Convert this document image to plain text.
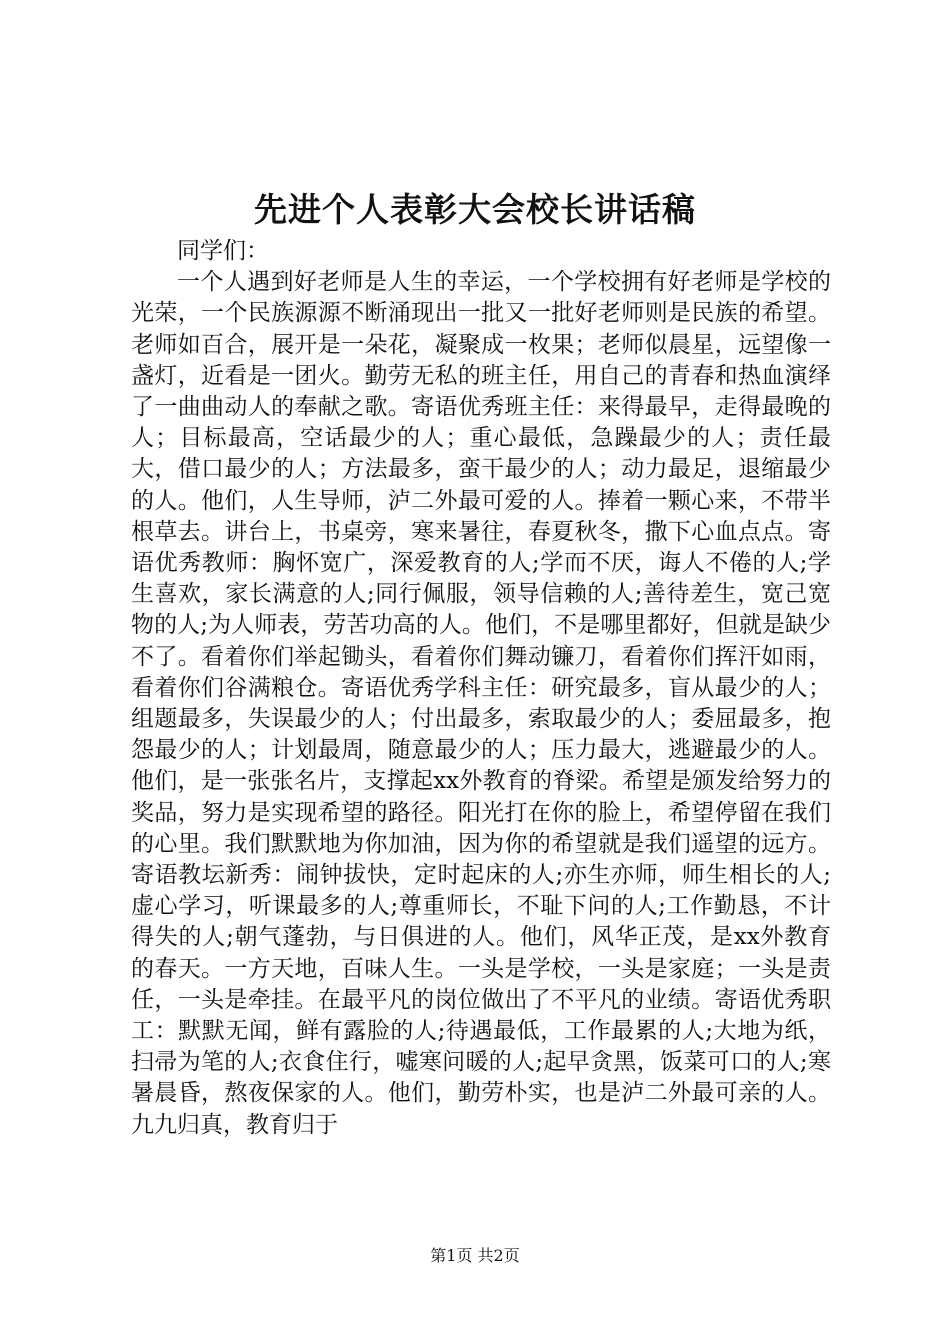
先进个人表彰大会校长讲话稿

同学们：

一个人遇到好老师是人生的幸运，一个学校拥有好老师是学校的光荣，一个民族源源不断涌现出一批又一批好老师则是民族的希望。老师如百合，展开是一朵花，凝聚成一枚果；老师似晨星，远望像一盏灯，近看是一团火。勤劳无私的班主任，用自己的青春和热血演绎了一曲曲动人的奉献之歌。寄语优秀班主任：来得最早，走得最晚的人；目标最高，空话最少的人；重心最低，急躁最少的人；责任最大，借口最少的人；方法最多，蛮干最少的人；动力最足，退缩最少的人。他们，人生导师，泸二外最可爱的人。捧着一颗心来，不带半根草去。讲台上，书桌旁，寒来暑往，春夏秋冬，撒下心血点点。寄语优秀教师：胸怀宽广，深爱教育的人;学而不厌，诲人不倦的人;学生喜欢，家长满意的人;同行佩服，领导信赖的人;善待差生，宽己宽物的人;为人师表，劳苦功高的人。他们，不是哪里都好，但就是缺少不了。看着你们举起锄头，看着你们舞动镰刀，看着你们挥汗如雨，看着你们谷满粮仓。寄语优秀学科主任：研究最多，盲从最少的人；组题最多，失误最少的人；付出最多，索取最少的人；委屈最多，抱怨最少的人；计划最周，随意最少的人；压力最大，逃避最少的人。他们，是一张张名片，支撑起xx外教育的脊梁。希望是颁发给努力的奖品，努力是实现希望的路径。阳光打在你的脸上，希望停留在我们的心里。我们默默地为你加油，因为你的希望就是我们遥望的远方。寄语教坛新秀：闹钟拔快，定时起床的人;亦生亦师，师生相长的人;虚心学习，听课最多的人;尊重师长，不耻下问的人;工作勤恳，不计得失的人;朝气蓬勃，与日俱进的人。他们，风华正茂，是xx外教育的春天。一方天地，百味人生。一头是学校，一头是家庭；一头是责任，一头是牵挂。在最平凡的岗位做出了不平凡的业绩。寄语优秀职工：默默无闻，鲜有露脸的人;待遇最低，工作最累的人;大地为纸，扫帚为笔的人;衣食住行，嘘寒问暖的人;起早贪黑，饭菜可口的人;寒暑晨昏，熬夜保家的人。他们，勤劳朴实，也是泸二外最可亲的人。九九归真，教育归于

第1页 共2页
